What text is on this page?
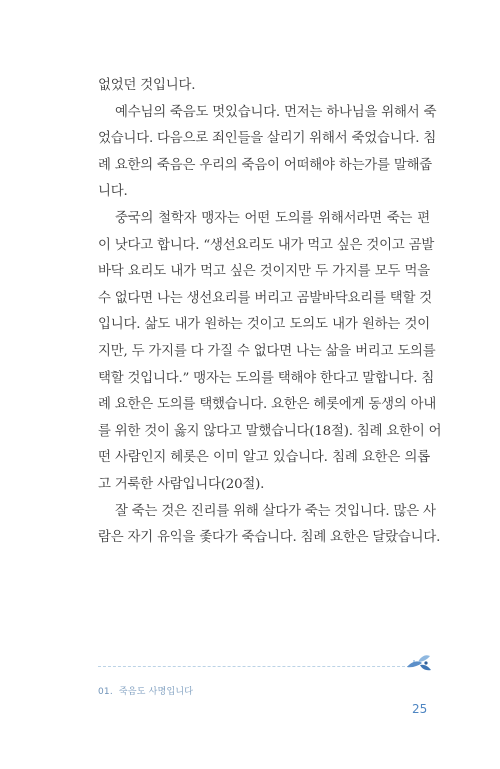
없었던 것입니다.

예수님의 죽음도 멋있습니다. 먼저는 하나님을 위해서 죽
었습니다. 다음으로 죄인들을 살리기 위해서 죽었습니다. 침
례 요한의 죽음은 우리의 죽음이 어떠해야 하는가를 말해줍
니다.

중국의 철학자 맹자는 어떤 도의를 위해서라면 죽는 편
이 낫다고 합니다. “생선요리도 내가 먹고 싶은 것이고 곰발
바닥 요리도 내가 먹고 싶은 것이지만 두 가지를 모두 먹을
수 없다면 나는 생선요리를 버리고 곰발바닥요리를 택할 것
입니다. 삶도 내가 원하는 것이고 도의도 내가 원하는 것이
지만, 두 가지를 다 가질 수 없다면 나는 삶을 버리고 도의를
택할 것입니다.” 맹자는 도의를 택해야 한다고 말합니다. 침
례 요한은 도의를 택했습니다. 요한은 헤롯에게 동생의 아내
를 위한 것이 옳지 않다고 말했습니다(18절). 침례 요한이 어
떤 사람인지 헤롯은 이미 알고 있습니다. 침례 요한은 의롭
고 거룩한 사람입니다(20절).

잘 죽는 것은 진리를 위해 살다가 죽는 것입니다. 많은 사
람은 자기 유익을 좇다가 죽습니다. 침례 요한은 달랐습니다.

01. 죽음도 사명입니다
25
